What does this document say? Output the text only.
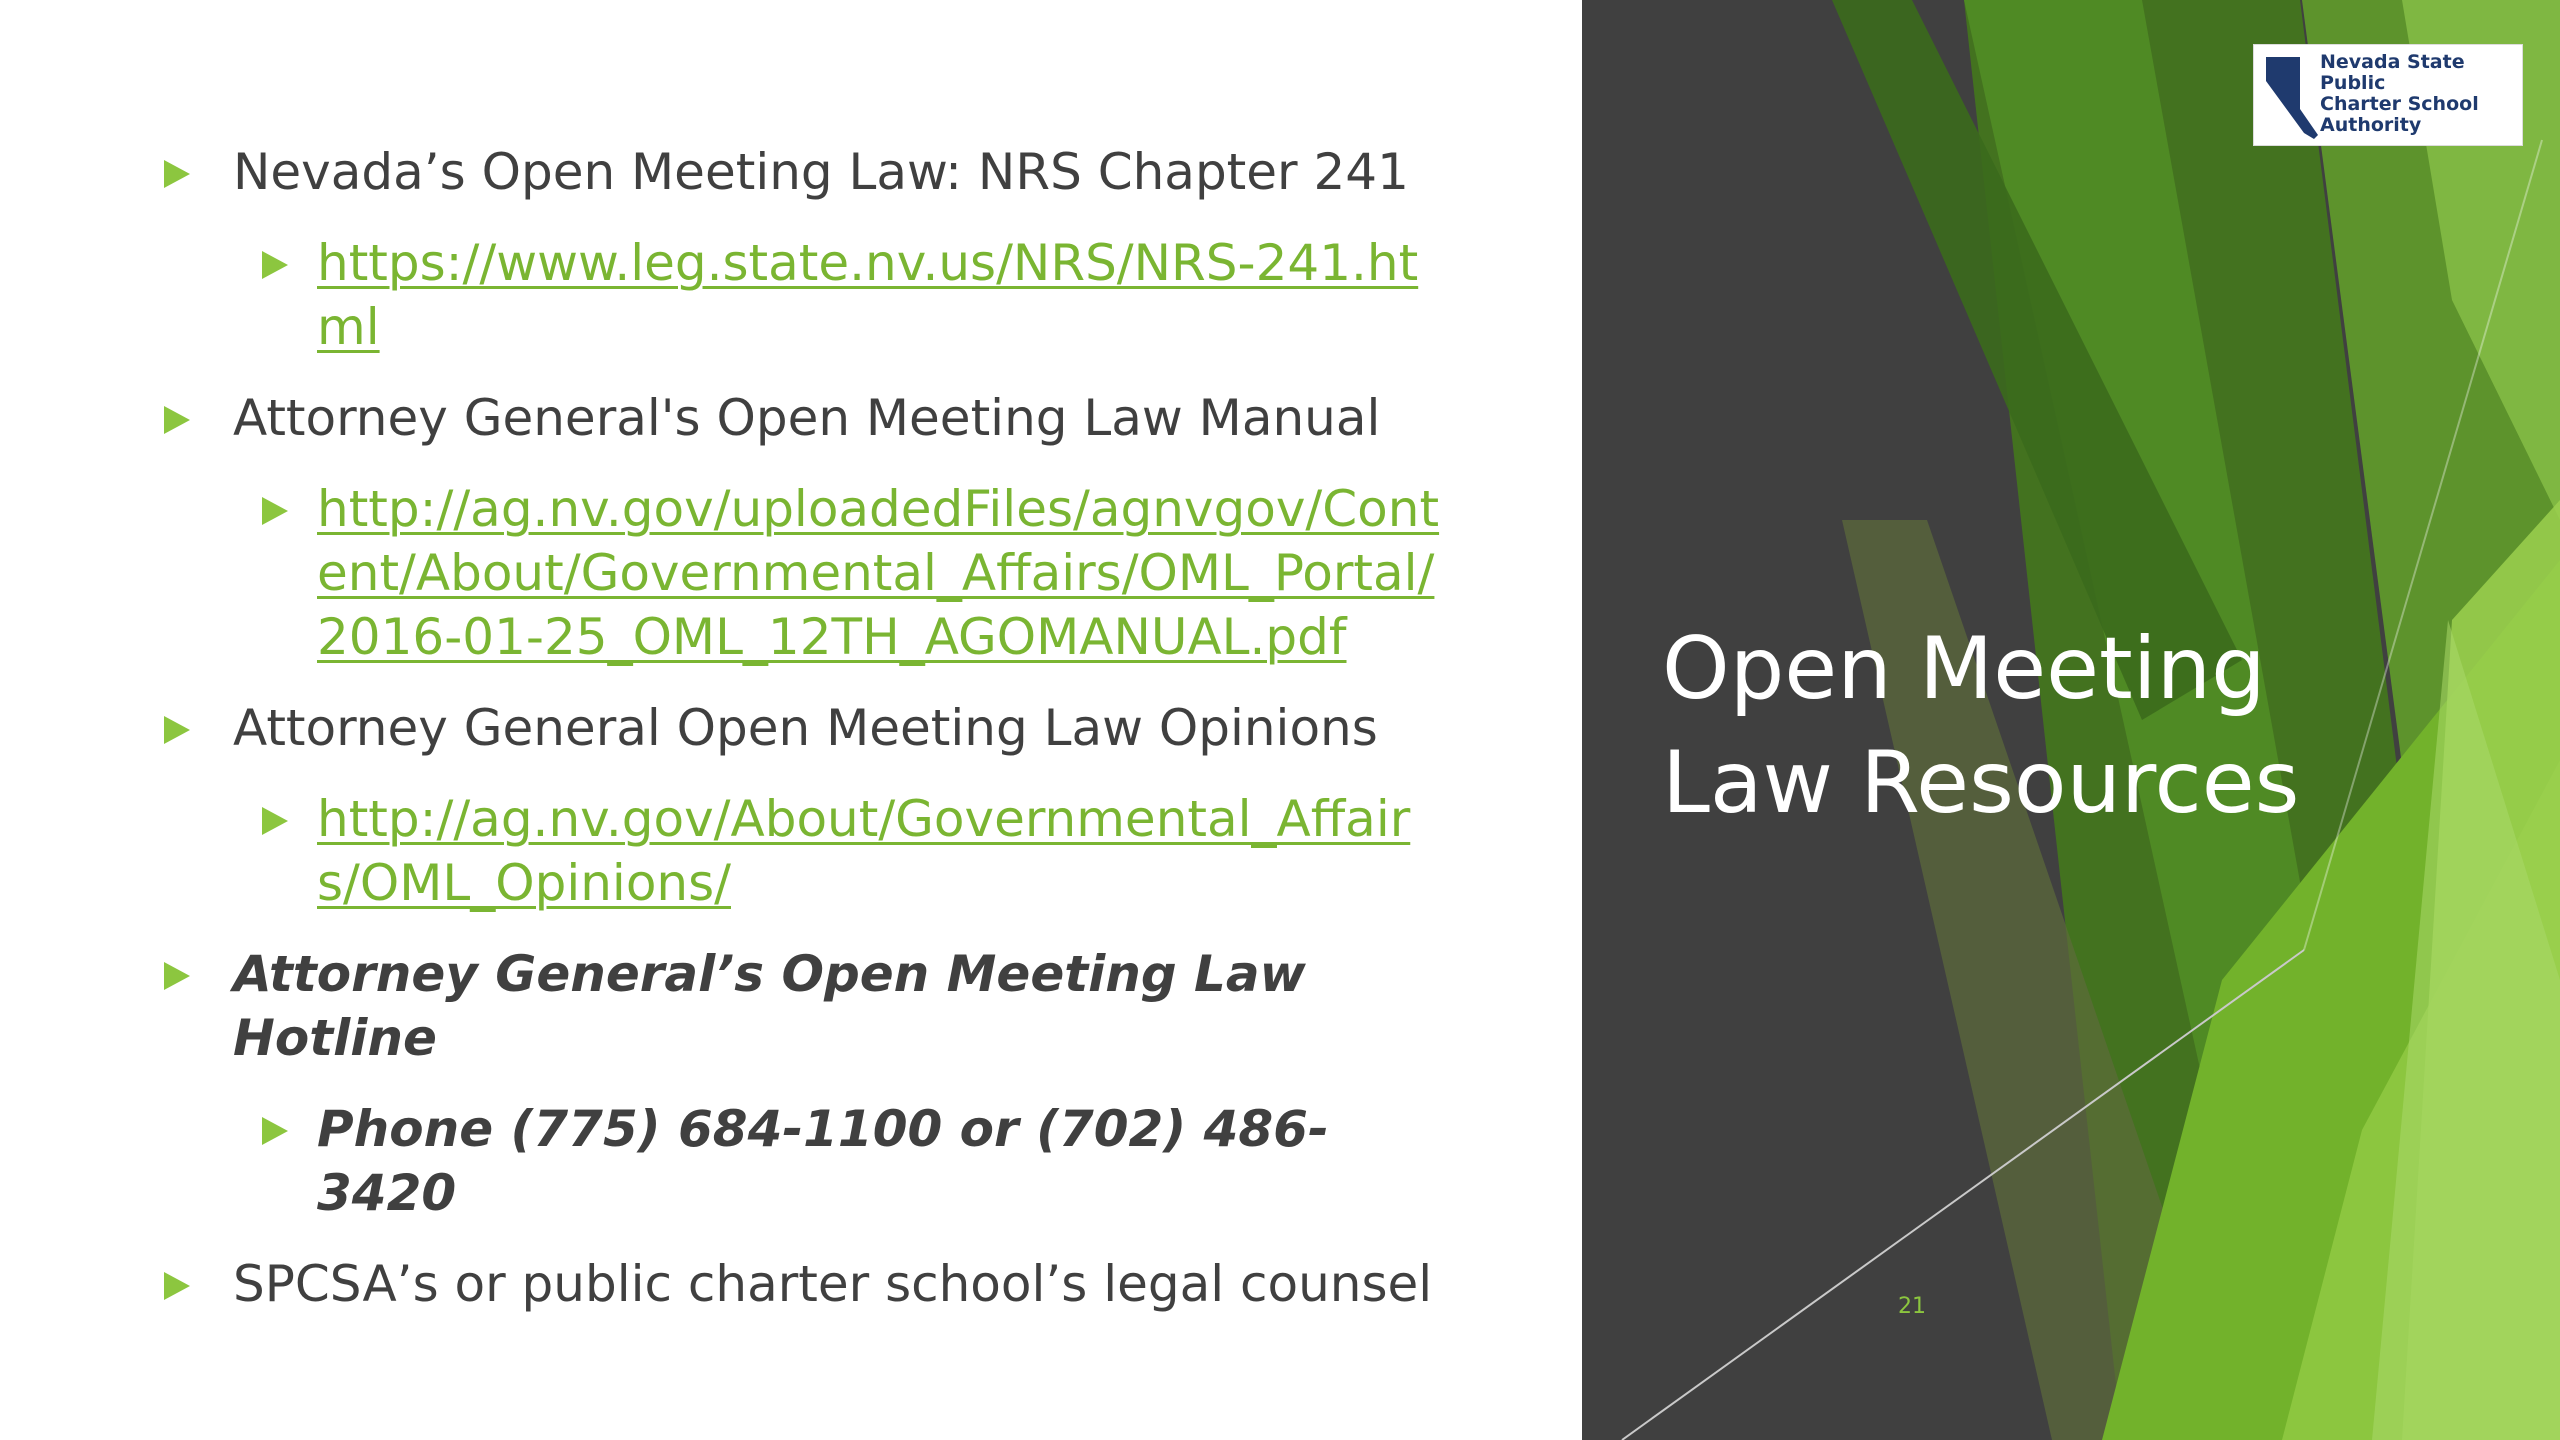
Nevada’s Open Meeting Law: NRS Chapter 241
https://www.leg.state.nv.us/NRS/NRS-241.html
Attorney General's Open Meeting Law Manual
http://ag.nv.gov/uploadedFiles/agnvgov/Content/About/Governmental_Affairs/OML_Portal/2016-01-25_OML_12TH_AGOMANUAL.pdf
Attorney General Open Meeting Law Opinions
http://ag.nv.gov/About/Governmental_Affairs/OML_Opinions/
Attorney General’s Open Meeting Law Hotline
Phone (775) 684-1100 or (702) 486-3420
SPCSA’s or public charter school’s legal counsel
Open Meeting
Law Resources
21
Nevada State Public
Charter School
Authority
